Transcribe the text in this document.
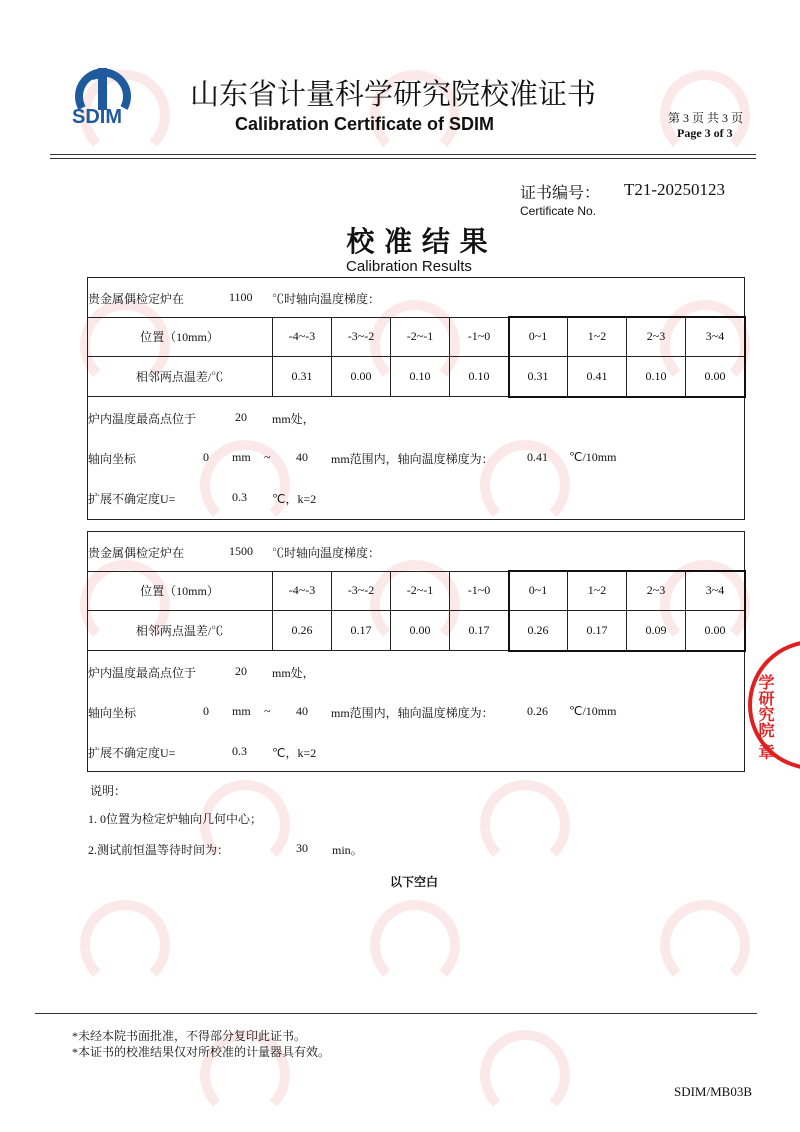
SDIM
山东省计量科学研究院校准证书
Calibration Certificate of SDIM	第 3 页 共 3 页
Page 3 of 3
证书编号： T21-20250123
Certificate No.
校 准 结 果
Calibration Results
贵金属偶检定炉在	1100 ℃时轴向温度梯度：
位置（10mm）	-4~-3	-3~-2	-2~-1	-1~0	0~1	1~2	2~3	3~4
相邻两点温差/℃	0.31	0.00	0.10	0.10	0.31	0.41	0.10	0.00
炉内温度最高点位于	20 mm处，
轴向坐标	0 mm ~ 40 mm范围内，轴向温度梯度为：	0.41 ℃/10mm
扩展不确定度U=	0.3 ℃，k=2
贵金属偶检定炉在	1500 ℃时轴向温度梯度：
位置（10mm）	-4~-3	-3~-2	-2~-1	-1~0	0~1	1~2	2~3	3~4
相邻两点温差/℃	0.26	0.17	0.00	0.17	0.26	0.17	0.09	0.00
炉内温度最高点位于	20 mm处，
轴向坐标	0 mm ~ 40 mm范围内，轴向温度梯度为：	0.26 ℃/10mm
扩展不确定度U=	0.3 ℃，k=2
说明：
1. 0位置为检定炉轴向几何中心；
2.测试前恒温等待时间为：	30 min。
以下空白
*未经本院书面批准，不得部分复印此证书。
*本证书的校准结果仅对所校准的计量器具有效。
SDIM/MB03B
学研究院 章
